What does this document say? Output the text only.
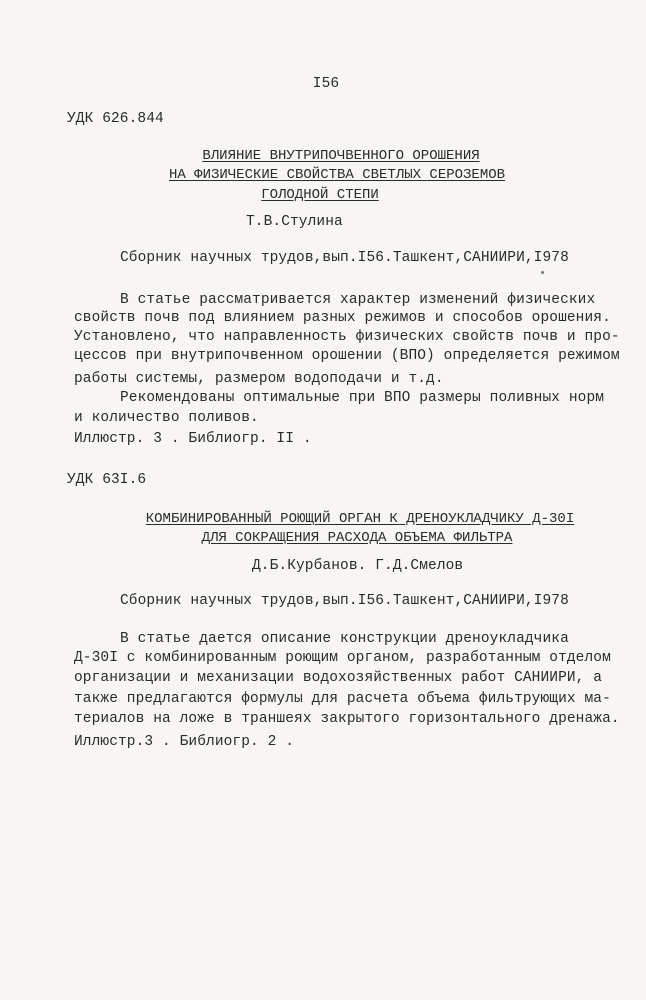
I56
УДК 626.844
ВЛИЯНИЕ ВНУТРИПОЧВЕННОГО ОРОШЕНИЯ
НА ФИЗИЧЕСКИЕ СВОЙСТВА СВЕТЛЫХ СЕРОЗЕМОВ
ГОЛОДНОЙ СТЕПИ
Т.В.Стулина
Сборник научных трудов,вып.I56.Ташкент,САНИИРИ,I978
В статье рассматривается характер изменений физических
свойств почв под влиянием разных режимов и способов орошения.
Установлено, что направленность физических свойств почв и про-
цессов при внутрипочвенном орошении (ВПО) определяется режимом
работы системы, размером водоподачи и т.д.
Рекомендованы оптимальные при ВПО размеры поливных норм
и количество поливов.
Иллюстр. 3 . Библиогр. II .
УДК 63I.6
КОМБИНИРОВАННЫЙ РОЮЩИЙ ОРГАН К ДРЕНОУКЛАДЧИКУ Д-30I
ДЛЯ СОКРАЩЕНИЯ РАСХОДА ОБЪЕМА ФИЛЬТРА
Д.Б.Курбанов. Г.Д.Смелов
Сборник научных трудов,вып.I56.Ташкент,САНИИРИ,I978
В статье дается описание конструкции дреноукладчика
Д-30I с комбинированным роющим органом, разработанным отделом
организации и механизации водохозяйственных работ САНИИРИ, а
также предлагаются формулы для расчета объема фильтрующих ма-
териалов на ложе в траншеях закрытого горизонтального дренажа.
Иллюстр.3 . Библиогр. 2 .
